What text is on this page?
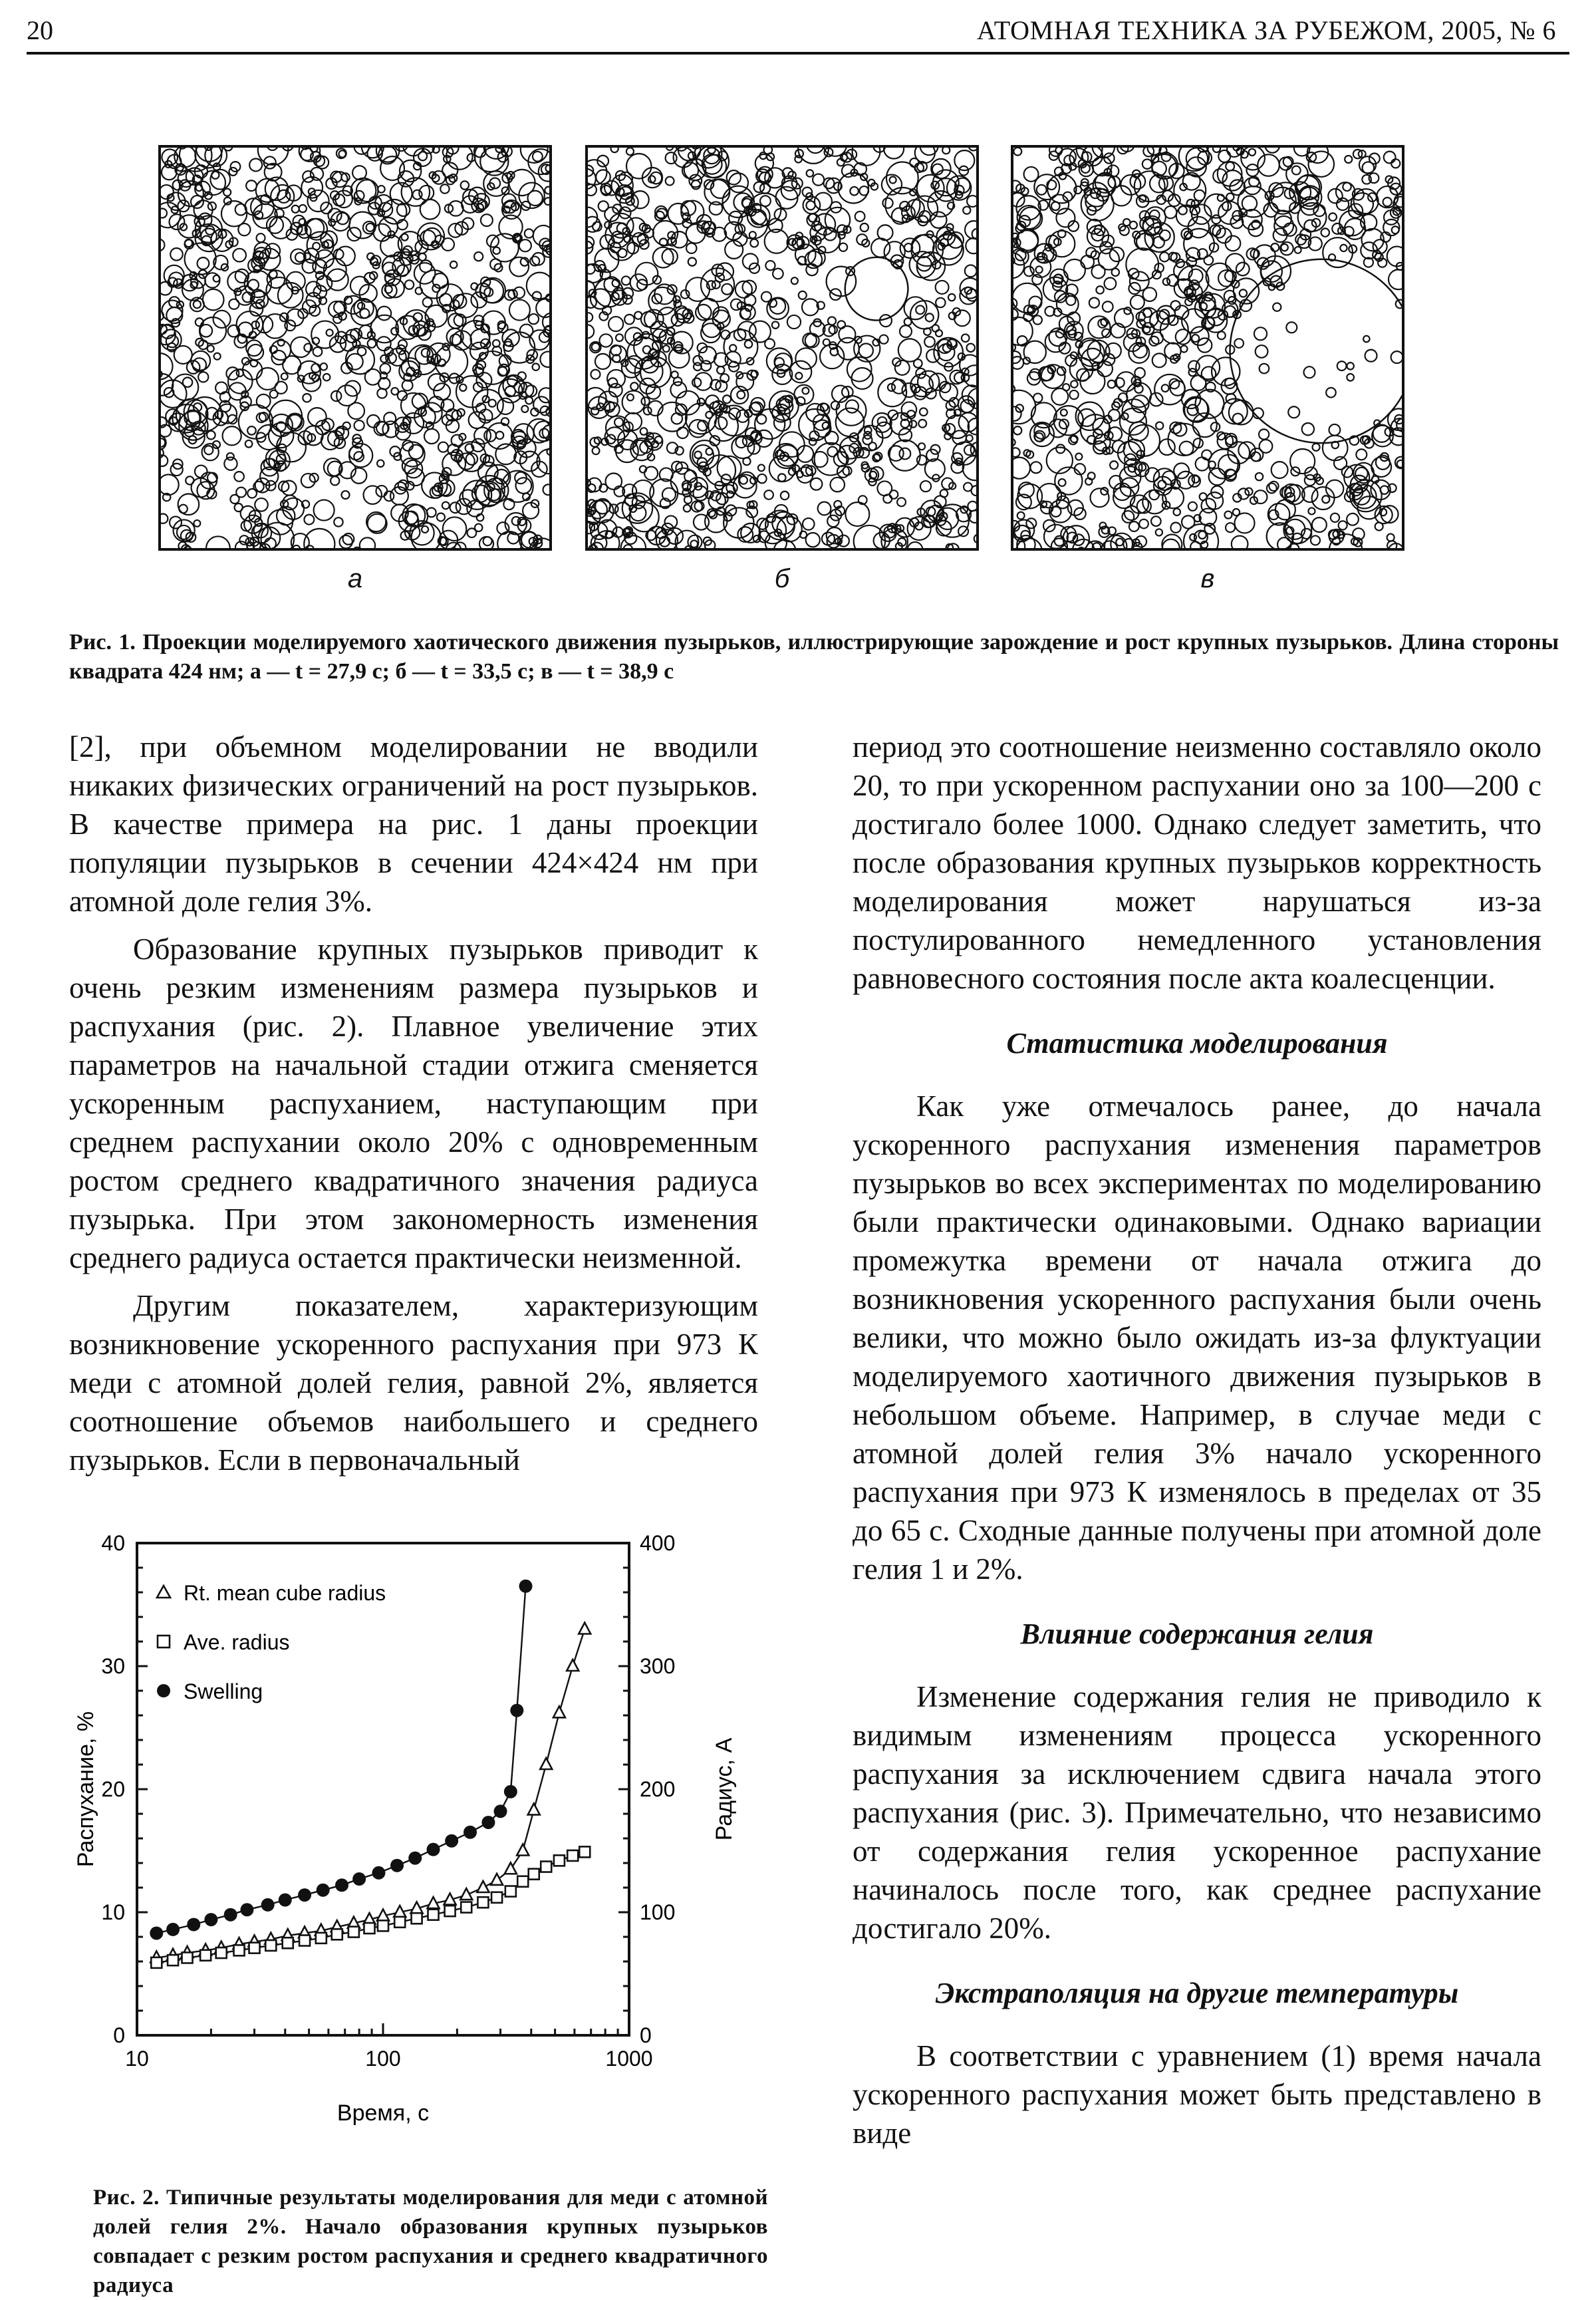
20	АТОМНАЯ ТЕХНИКА ЗА РУБЕЖОМ, 2005, № 6
а	б	в
Рис. 1. Проекции моделируемого хаотического движения пузырьков, иллюстрирующие зарождение и рост крупных пузырьков. Длина стороны квадрата 424 нм; а — t = 27,9 с; б — t = 33,5 с; в — t = 38,9 с

[2], при объемном моделировании не вводили никаких физических ограничений на рост пузырьков. В качестве примера на рис. 1 даны проекции популяции пузырьков в сечении 424×424 нм при атомной доле гелия 3%.

Образование крупных пузырьков приводит к очень резким изменениям размера пузырьков и распухания (рис. 2). Плавное увеличение этих параметров на начальной стадии отжига сменяется ускоренным распуханием, наступающим при среднем распухании около 20% с одновременным ростом среднего квадратичного значения радиуса пузырька. При этом закономерность изменения среднего радиуса остается практически неизменной.

Другим показателем, характеризующим возникновение ускоренного распухания при 973 К меди с атомной долей гелия, равной 2%, является соотношение объемов наибольшего и среднего пузырьков. Если в первоначальный

период это соотношение неизменно составляло около 20, то при ускоренном распухании оно за 100—200 с достигало более 1000. Однако следует заметить, что после образования крупных пузырьков корректность моделирования может нарушаться из-за постулированного немедленного установления равновесного состояния после акта коалесценции.

Статистика моделирования

Как уже отмечалось ранее, до начала ускоренного распухания изменения параметров пузырьков во всех экспериментах по моделированию были практически одинаковыми. Однако вариации промежутка времени от начала отжига до возникновения ускоренного распухания были очень велики, что можно было ожидать из-за флуктуации моделируемого хаотичного движения пузырьков в небольшом объеме. Например, в случае меди с атомной долей гелия 3% начало ускоренного распухания при 973 К изменялось в пределах от 35 до 65 с. Сходные данные получены при атомной доле гелия 1 и 2%.

Влияние содержания гелия

Изменение содержания гелия не приводило к видимым изменениям процесса ускоренного распухания за исключением сдвига начала этого распухания (рис. 3). Примечательно, что независимо от содержания гелия ускоренное распухание начиналось после того, как среднее распухание достигало 20%.

Экстраполяция на другие температуры

В соответствии с уравнением (1) время начала ускоренного распухания может быть представлено в виде

10	100	1000
0
10
20
30
40
0
100
200
300
400
Rt. mean cube radius
Ave. radius
Swelling
Время, с
Распухание, %	Радиус, А
Рис. 2. Типичные результаты моделирования для меди с атомной долей гелия 2%. Начало образования крупных пузырьков совпадает с резким ростом распухания и среднего квадратичного радиуса
